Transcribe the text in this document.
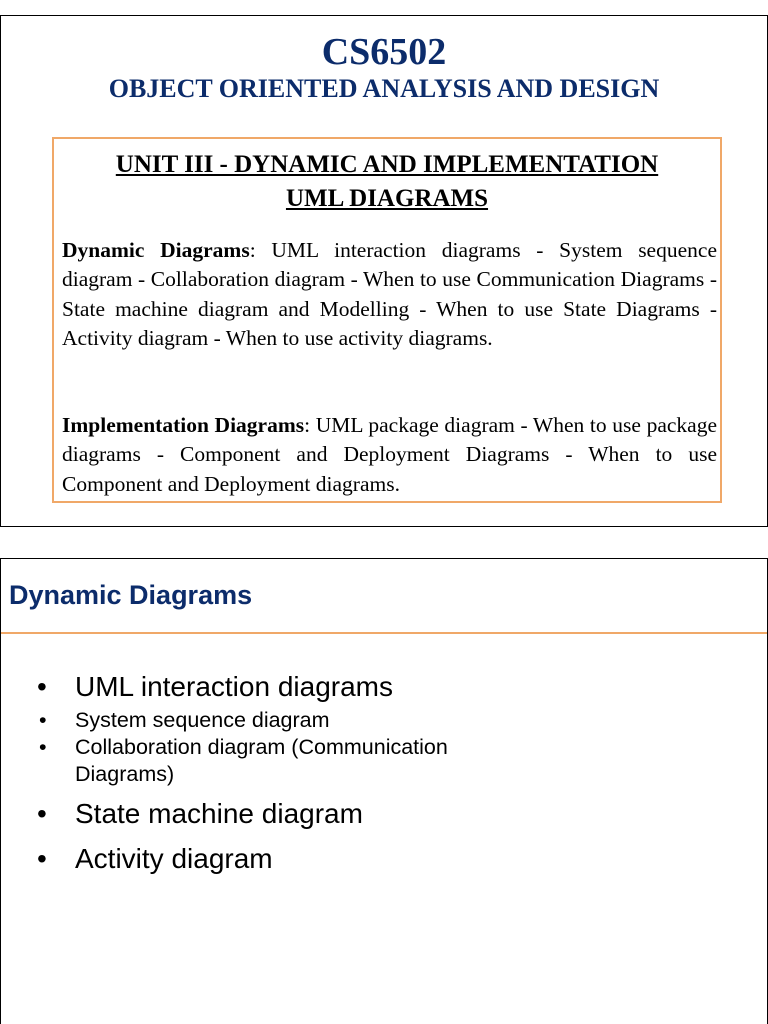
CS6502
OBJECT ORIENTED ANALYSIS AND DESIGN
UNIT III - DYNAMIC AND IMPLEMENTATION
UML DIAGRAMS
Dynamic Diagrams: UML interaction diagrams - System sequence diagram - Collaboration diagram - When to use Communication Diagrams - State machine diagram and Modelling - When to use State Diagrams - Activity diagram - When to use activity diagrams.
Implementation Diagrams: UML package diagram - When to use package diagrams - Component and Deployment Diagrams - When to use Component and Deployment diagrams.
Dynamic Diagrams
• UML interaction diagrams
• System sequence diagram
• Collaboration diagram (Communication Diagrams)
• State machine diagram
• Activity diagram
